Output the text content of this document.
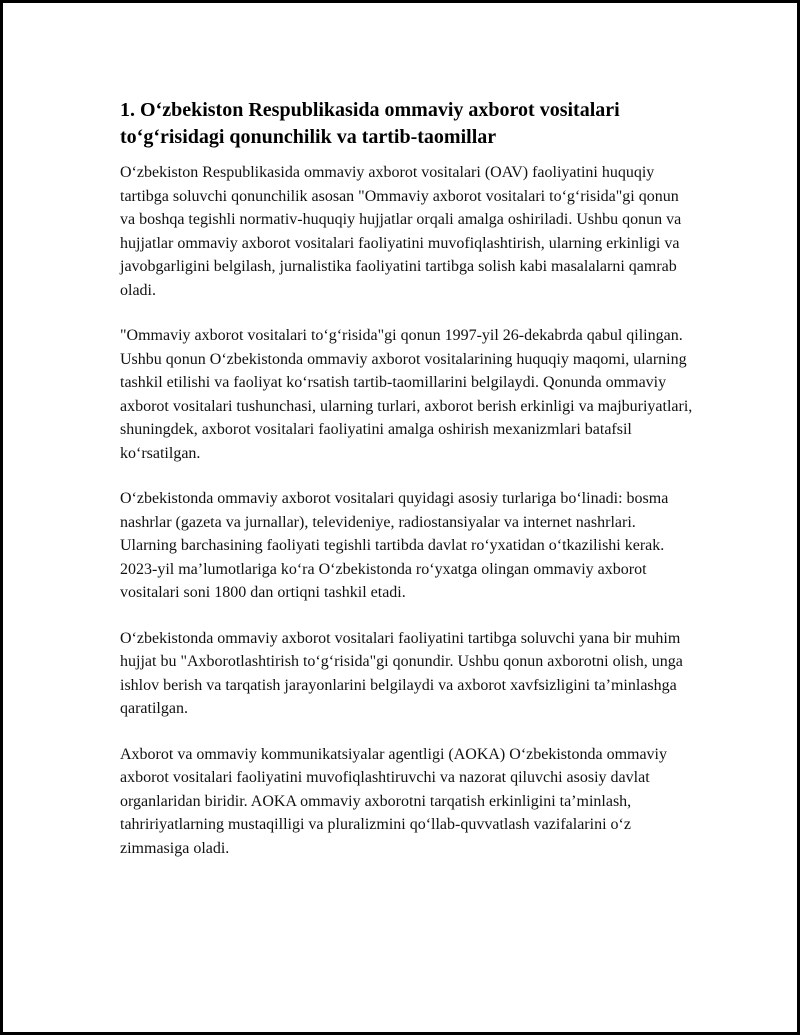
1. O‘zbekiston Respublikasida ommaviy axborot vositalari to‘g‘risidagi qonunchilik va tartib-taomillar

O‘zbekiston Respublikasida ommaviy axborot vositalari (OAV) faoliyatini huquqiy tartibga soluvchi qonunchilik asosan "Ommaviy axborot vositalari to‘g‘risida"gi qonun va boshqa tegishli normativ-huquqiy hujjatlar orqali amalga oshiriladi. Ushbu qonun va hujjatlar ommaviy axborot vositalari faoliyatini muvofiqlashtirish, ularning erkinligi va javobgarligini belgilash, jurnalistika faoliyatini tartibga solish kabi masalalarni qamrab oladi.

"Ommaviy axborot vositalari to‘g‘risida"gi qonun 1997-yil 26-dekabrda qabul qilingan. Ushbu qonun O‘zbekistonda ommaviy axborot vositalarining huquqiy maqomi, ularning tashkil etilishi va faoliyat ko‘rsatish tartib-taomillarini belgilaydi. Qonunda ommaviy axborot vositalari tushunchasi, ularning turlari, axborot berish erkinligi va majburiyatlari, shuningdek, axborot vositalari faoliyatini amalga oshirish mexanizmlari batafsil ko‘rsatilgan.

O‘zbekistonda ommaviy axborot vositalari quyidagi asosiy turlariga bo‘linadi: bosma nashrlar (gazeta va jurnallar), televideniye, radiostansiyalar va internet nashrlari. Ularning barchasining faoliyati tegishli tartibda davlat ro‘yxatidan o‘tkazilishi kerak. 2023-yil ma’lumotlariga ko‘ra O‘zbekistonda ro‘yxatga olingan ommaviy axborot vositalari soni 1800 dan ortiqni tashkil etadi.

O‘zbekistonda ommaviy axborot vositalari faoliyatini tartibga soluvchi yana bir muhim hujjat bu "Axborotlashtirish to‘g‘risida"gi qonundir. Ushbu qonun axborotni olish, unga ishlov berish va tarqatish jarayonlarini belgilaydi va axborot xavfsizligini ta’minlashga qaratilgan.

Axborot va ommaviy kommunikatsiyalar agentligi (AOKA) O‘zbekistonda ommaviy axborot vositalari faoliyatini muvofiqlashtiruvchi va nazorat qiluvchi asosiy davlat organlaridan biridir. AOKA ommaviy axborotni tarqatish erkinligini ta’minlash, tahririyatlarning mustaqilligi va pluralizmini qo‘llab-quvvatlash vazifalarini o‘z zimmasiga oladi.
